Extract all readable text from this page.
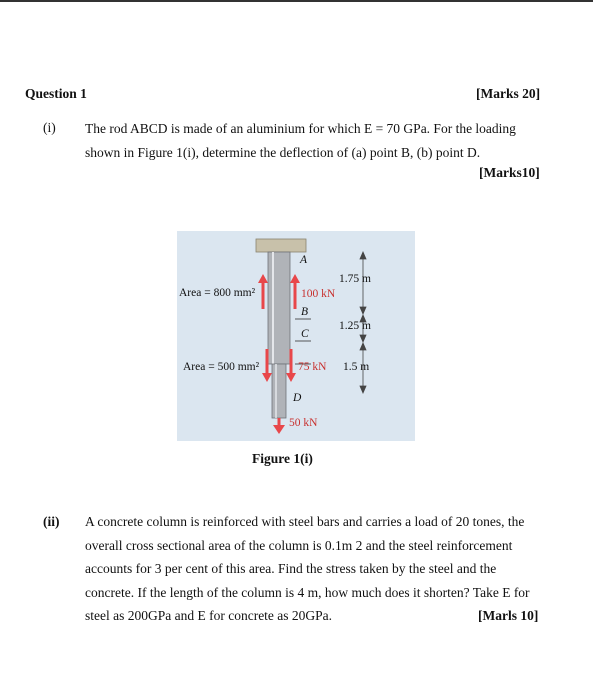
Question 1	[Marks 20]
(i) The rod ABCD is made of an aluminium for which E = 70 GPa. For the loading
shown in Figure 1(i), determine the deflection of (a) point B, (b) point D.
[Marks10]
A
B
C
D
Area = 800 mm²
Area = 500 mm²
100 kN
75 kN
50 kN
1.75 m
1.25 m
1.5 m
Figure 1(i)
(ii) A concrete column is reinforced with steel bars and carries a load of 20 tones, the
overall cross sectional area of the column is 0.1m 2 and the steel reinforcement
accounts for 3 per cent of this area. Find the stress taken by the steel and the
concrete. If the length of the column is 4 m, how much does it shorten? Take E for
steel as 200GPa and E for concrete as 20GPa.	[Marls 10]
